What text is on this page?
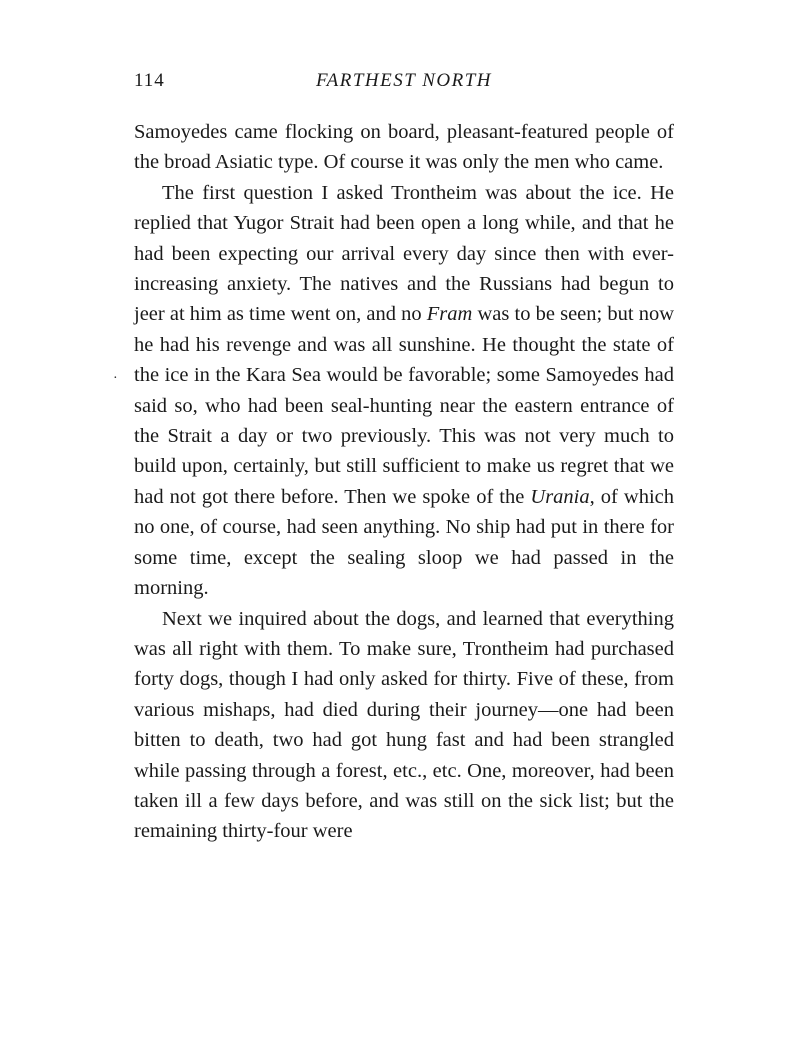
114	FARTHEST NORTH
·

Samoyedes came flocking on board, pleasant-featured people of the broad Asiatic type. Of course it was only the men who came.

The first question I asked Trontheim was about the ice. He replied that Yugor Strait had been open a long while, and that he had been expecting our arrival every day since then with ever-increasing anxiety. The natives and the Russians had begun to jeer at him as time went on, and no Fram was to be seen; but now he had his revenge and was all sunshine. He thought the state of the ice in the Kara Sea would be favorable; some Samoyedes had said so, who had been seal-hunting near the eastern entrance of the Strait a day or two previously. This was not very much to build upon, certainly, but still sufficient to make us regret that we had not got there before. Then we spoke of the Urania, of which no one, of course, had seen anything. No ship had put in there for some time, except the sealing sloop we had passed in the morning.

Next we inquired about the dogs, and learned that everything was all right with them. To make sure, Trontheim had purchased forty dogs, though I had only asked for thirty. Five of these, from various mishaps, had died during their journey—one had been bitten to death, two had got hung fast and had been strangled while passing through a forest, etc., etc. One, moreover, had been taken ill a few days before, and was still on the sick list; but the remaining thirty-four were
